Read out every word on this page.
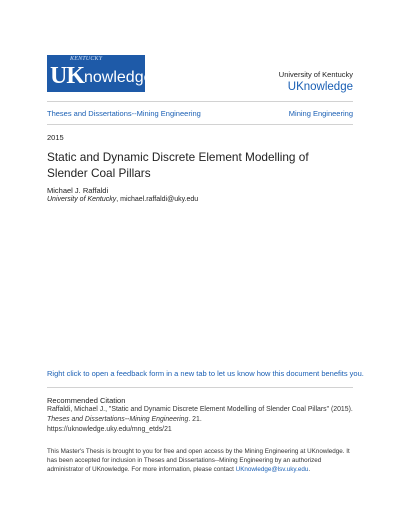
KENTUCKY
UK nowledge	University of Kentucky
UKnowledge
Theses and Dissertations--Mining Engineering	Mining Engineering
2015
Static and Dynamic Discrete Element Modelling of Slender Coal Pillars
Michael J. Raffaldi
University of Kentucky, michael.raffaldi@uky.edu
Right click to open a feedback form in a new tab to let us know how this document benefits you.
Recommended Citation
Raffaldi, Michael J., "Static and Dynamic Discrete Element Modelling of Slender Coal Pillars" (2015).
Theses and Dissertations--Mining Engineering. 21.
https://uknowledge.uky.edu/mng_etds/21
This Master's Thesis is brought to you for free and open access by the Mining Engineering at UKnowledge. It has been accepted for inclusion in Theses and Dissertations--Mining Engineering by an authorized administrator of UKnowledge. For more information, please contact UKnowledge@lsv.uky.edu.
